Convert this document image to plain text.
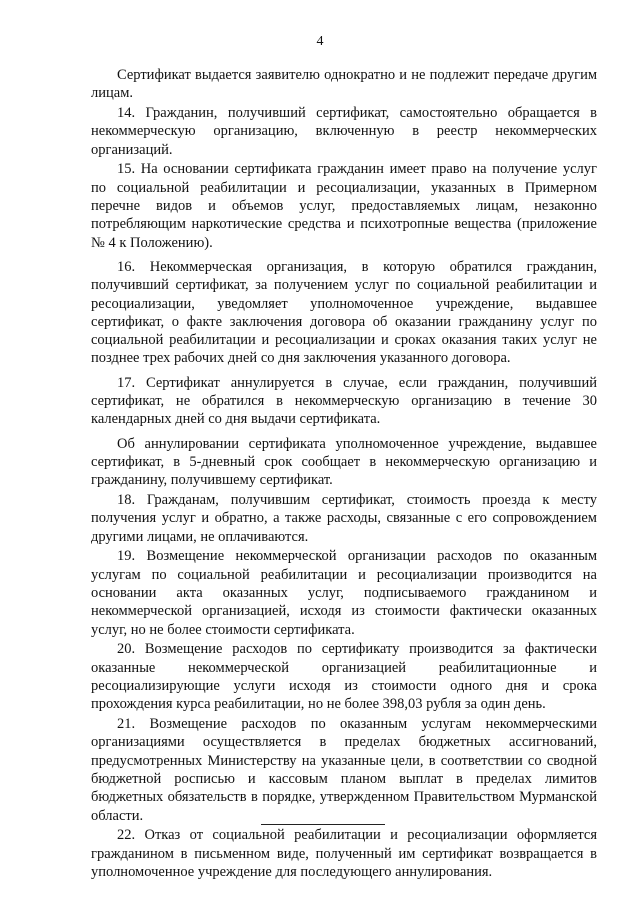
4

Сертификат выдается заявителю однократно и не подлежит передаче другим лицам.

14. Гражданин, получивший сертификат, самостоятельно обращается в некоммерческую организацию, включенную в реестр некоммерческих организаций.

15. На основании сертификата гражданин имеет право на получение услуг по социальной реабилитации и ресоциализации, указанных в Примерном перечне видов и объемов услуг, предоставляемых лицам, незаконно потребляющим наркотические средства и психотропные вещества (приложение № 4 к Положению).

16. Некоммерческая организация, в которую обратился гражданин, получивший сертификат, за получением услуг по социальной реабилитации и ресоциализации, уведомляет уполномоченное учреждение, выдавшее сертификат, о факте заключения договора об оказании гражданину услуг по социальной реабилитации и ресоциализации и сроках оказания таких услуг не позднее трех рабочих дней со дня заключения указанного договора.

17. Сертификат аннулируется в случае, если гражданин, получивший сертификат, не обратился в некоммерческую организацию в течение 30 календарных дней со дня выдачи сертификата.

Об аннулировании сертификата уполномоченное учреждение, выдавшее сертификат, в 5-дневный срок сообщает в некоммерческую организацию и гражданину, получившему сертификат.

18. Гражданам, получившим сертификат, стоимость проезда к месту получения услуг и обратно, а также расходы, связанные с его сопровождением другими лицами, не оплачиваются.

19. Возмещение некоммерческой организации расходов по оказанным услугам по социальной реабилитации и ресоциализации производится на основании акта оказанных услуг, подписываемого гражданином и некоммерческой организацией, исходя из стоимости фактически оказанных услуг, но не более стоимости сертификата.

20. Возмещение расходов по сертификату производится за фактически оказанные некоммерческой организацией реабилитационные и ресоциализирующие услуги исходя из стоимости одного дня и срока прохождения курса реабилитации, но не более 398,03 рубля за один день.

21. Возмещение расходов по оказанным услугам некоммерческими организациями осуществляется в пределах бюджетных ассигнований, предусмотренных Министерству на указанные цели, в соответствии со сводной бюджетной росписью и кассовым планом выплат в пределах лимитов бюджетных обязательств в порядке, утвержденном Правительством Мурманской области.

22. Отказ от социальной реабилитации и ресоциализации оформляется гражданином в письменном виде, полученный им сертификат возвращается в уполномоченное учреждение для последующего аннулирования.
